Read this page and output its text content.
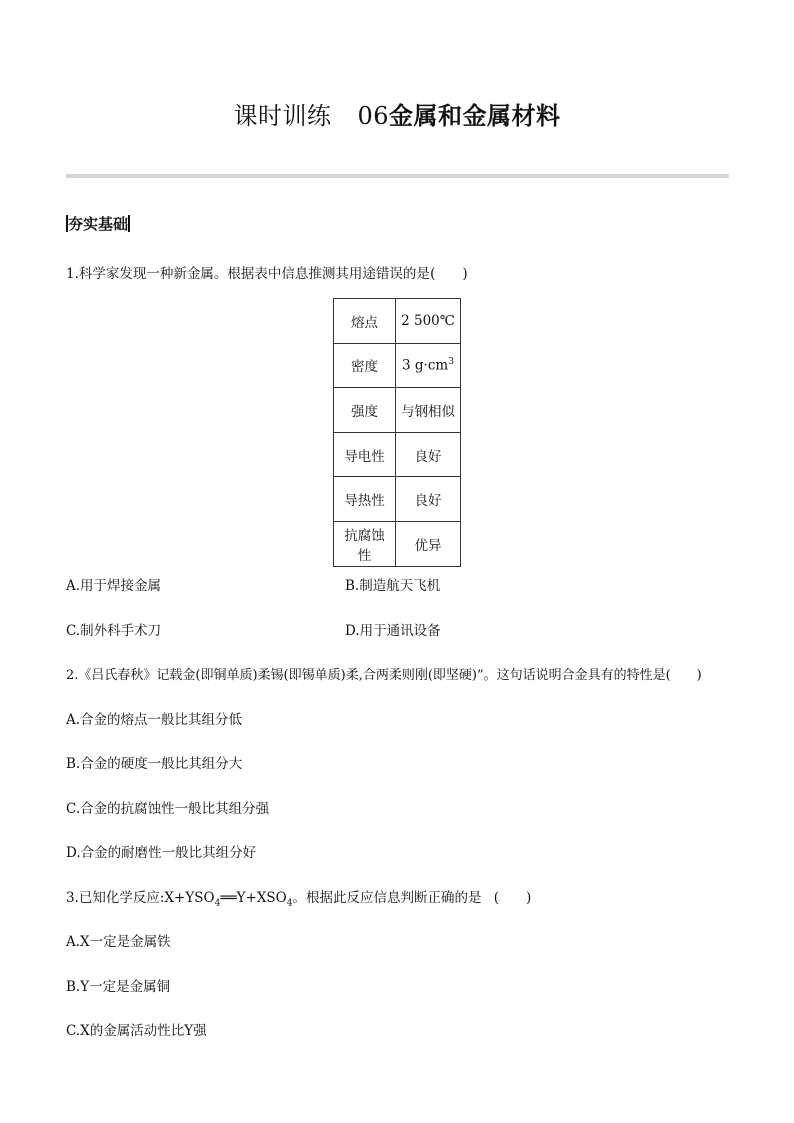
课时训练 06金属和金属材料
夯实基础
1.科学家发现一种新金属。根据表中信息推测其用途错误的是(　　)
熔点	2 500℃
密度	3 $g\cdot cm^3$
强度	与钢相似
导电性	良好
导热性	良好
抗腐蚀性	优异
A.用于焊接金属	B.制造航天飞机
C.制外科手术刀	D.用于通讯设备
2.《吕氏春秋》记载金(即铜单质)柔锡(即锡单质)柔,合两柔则刚(即坚硬)”。这句话说明合金具有的特性是(　　)
A.合金的熔点一般比其组分低
B.合金的硬度一般比其组分大
C.合金的抗腐蚀性一般比其组分强
D.合金的耐磨性一般比其组分好
3.已知化学反应$:X+YSO_4══Y+XSO_4$。根据此反应信息判断正确的是 (　　)
A.X一定是金属铁
B.Y一定是金属铜
C.X的金属活动性比Y强
